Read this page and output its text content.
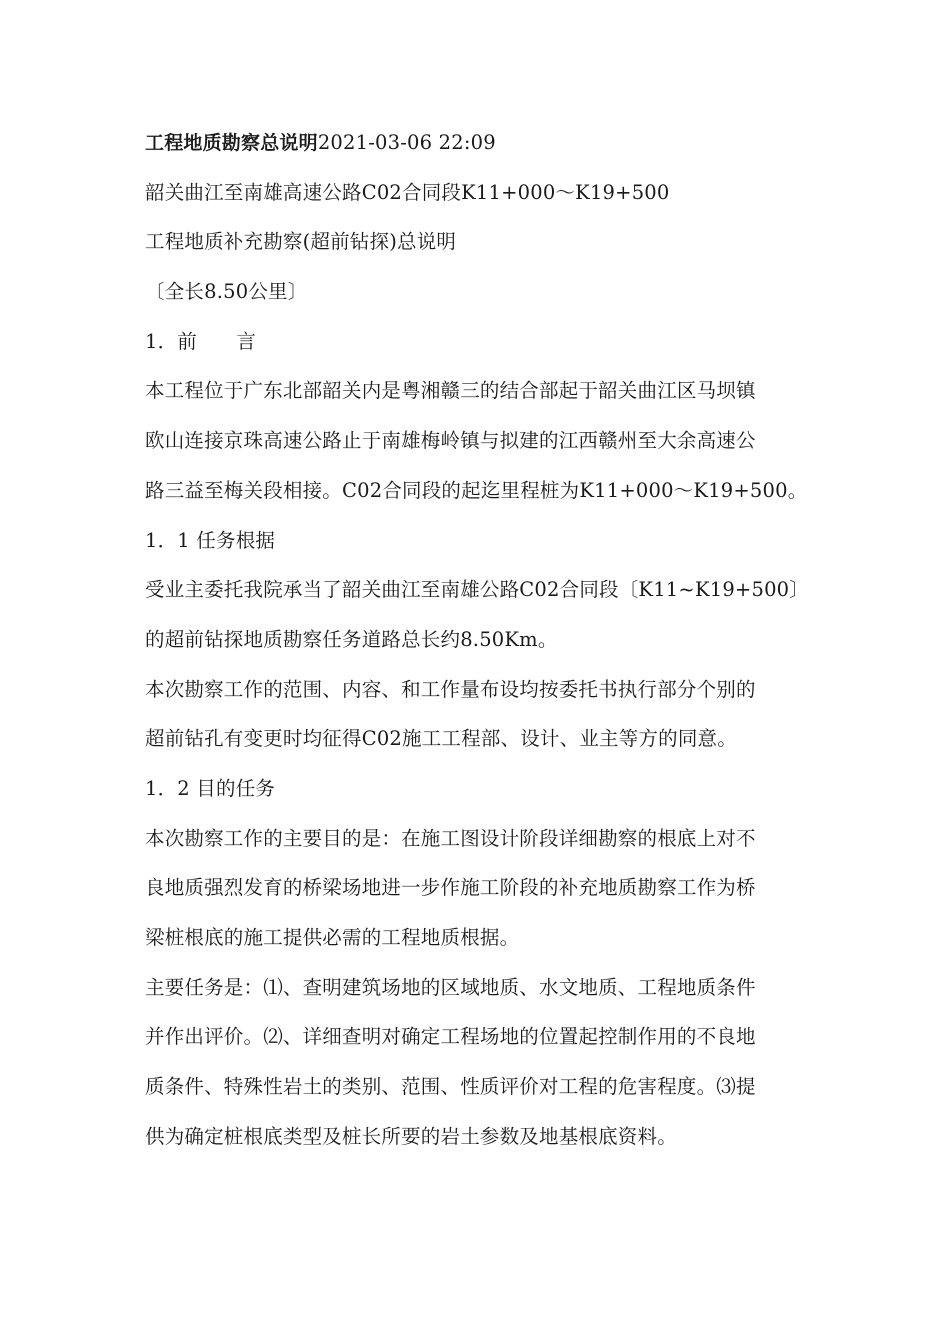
工程地质勘察总说明2021-03-06 22:09
韶关曲江至南雄高速公路C02合同段K11+000～K19+500
工程地质补充勘察(超前钻探)总说明
〔全长8.50公里〕
1．前　　言
本工程位于广东北部韶关内是粤湘赣三的结合部起于韶关曲江区马坝镇
欧山连接京珠高速公路止于南雄梅岭镇与拟建的江西赣州至大余高速公
路三益至梅关段相接。C02合同段的起迄里程桩为K11+000～K19+500。
1．1 任务根据
受业主委托我院承当了韶关曲江至南雄公路C02合同段〔K11~K19+500〕
的超前钻探地质勘察任务道路总长约8.50Km。
本次勘察工作的范围、内容、和工作量布设均按委托书执行部分个别的
超前钻孔有变更时均征得C02施工工程部、设计、业主等方的同意。
1．2 目的任务
本次勘察工作的主要目的是：在施工图设计阶段详细勘察的根底上对不
良地质强烈发育的桥梁场地进一步作施工阶段的补充地质勘察工作为桥
梁桩根底的施工提供必需的工程地质根据。
主要任务是：⑴、查明建筑场地的区域地质、水文地质、工程地质条件
并作出评价。⑵、详细查明对确定工程场地的位置起控制作用的不良地
质条件、特殊性岩土的类别、范围、性质评价对工程的危害程度。⑶提
供为确定桩根底类型及桩长所要的岩土参数及地基根底资料。
